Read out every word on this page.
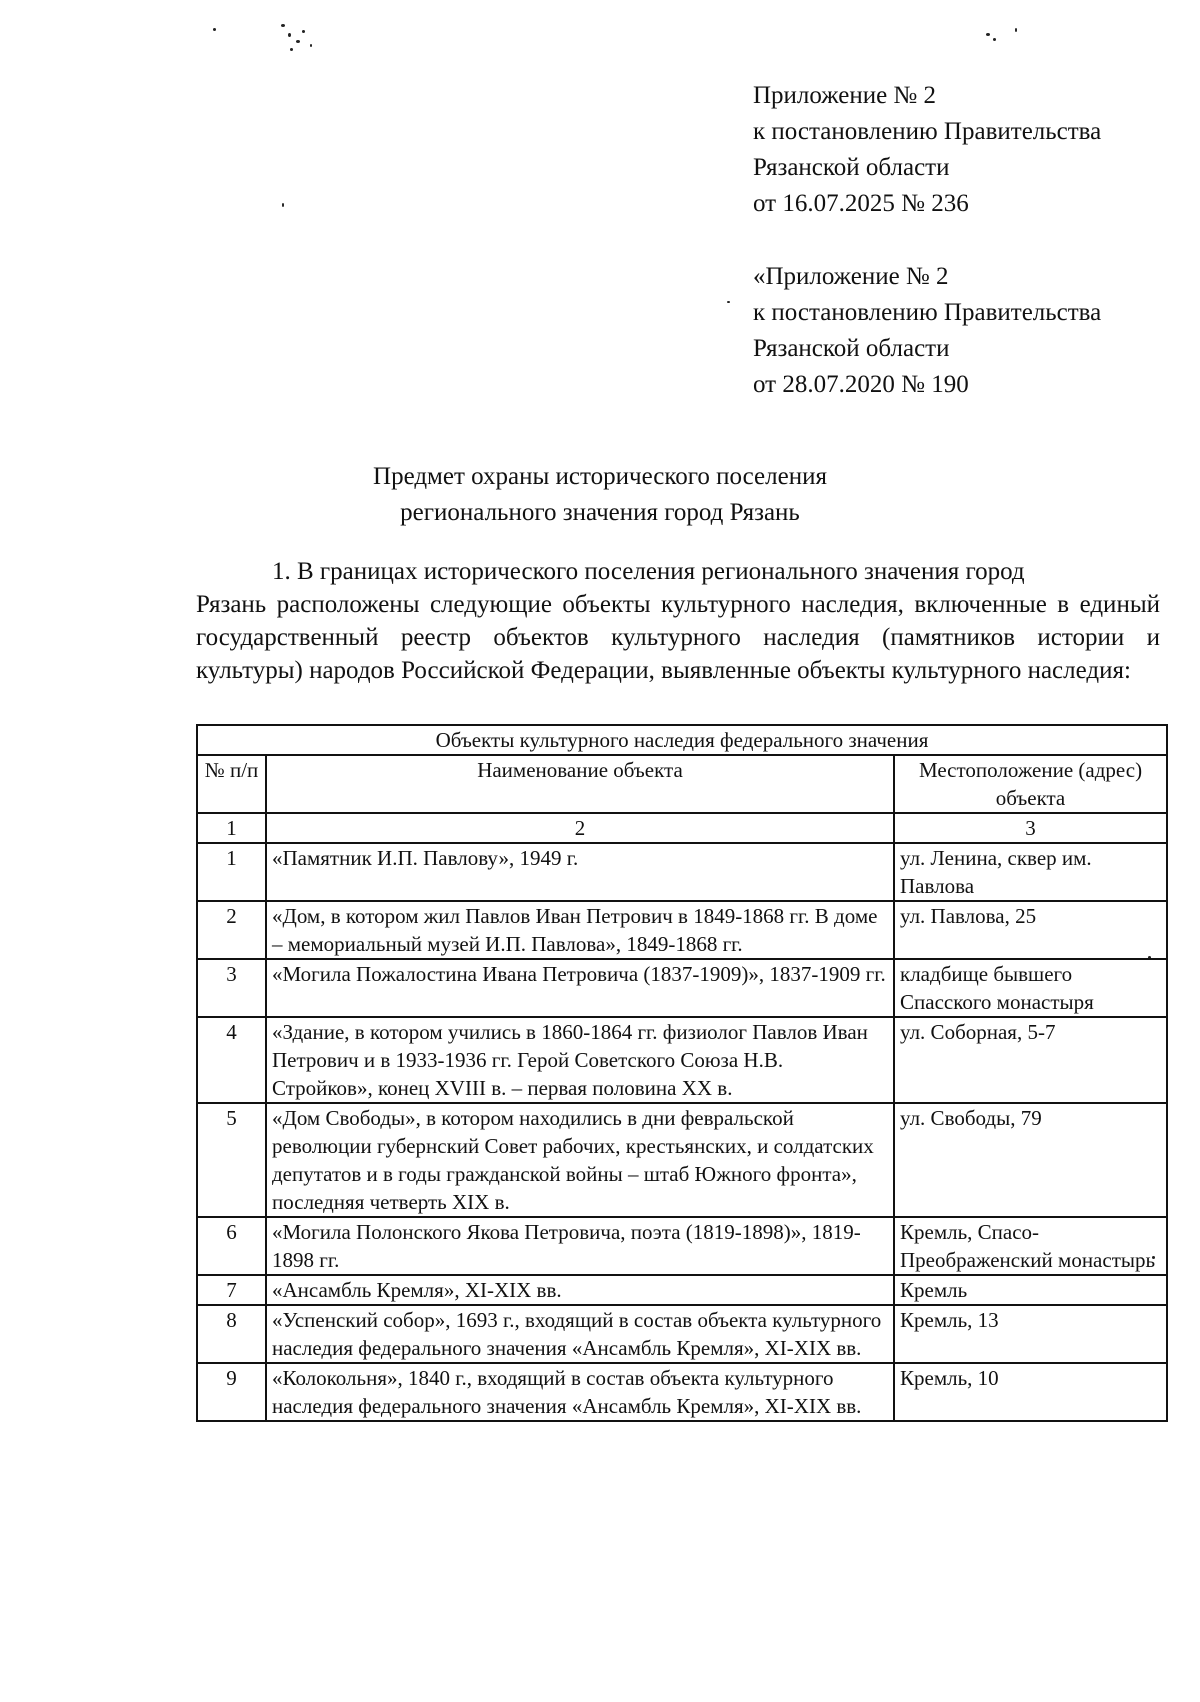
Приложение № 2
к постановлению Правительства
Рязанской области
от 16.07.2025 № 236
«Приложение № 2
к постановлению Правительства
Рязанской области
от 28.07.2020 № 190
Предмет охраны исторического поселения
регионального значения город Рязань
1. В границах исторического поселения регионального значения город
Рязань расположены следующие объекты культурного наследия, включенные в единый государственный реестр объектов культурного наследия (памятников истории и культуры) народов Российской Федерации, выявленные объекты культурного наследия:
Объекты культурного наследия федерального значения		
№ п/п	Наименование объекта	Местоположение (адрес) объекта
1	2	3
1	«Памятник И.П. Павлову», 1949 г.	ул. Ленина, сквер им. Павлова
2	«Дом, в котором жил Павлов Иван Петрович в 1849-1868 гг. В доме – мемориальный музей И.П. Павлова», 1849-1868 гг.	ул. Павлова, 25
3	«Могила Пожалостина Ивана Петровича (1837-1909)», 1837-1909 гг.	кладбище бывшего Спасского монастыря
4	«Здание, в котором учились в 1860-1864 гг. физиолог Павлов Иван Петрович и в 1933-1936 гг. Герой Советского Союза Н.В. Стройков», конец XVIII в. – первая половина XX в.	ул. Соборная, 5-7
5	«Дом Свободы», в котором находились в дни февральской революции губернский Совет рабочих, крестьянских, и солдатских депутатов и в годы гражданской войны – штаб Южного фронта», последняя четверть XIX в.	ул. Свободы, 79
6	«Могила Полонского Якова Петровича, поэта (1819-1898)», 1819-1898 гг.	Кремль, Спасо-Преображенский монастырь
7	«Ансамбль Кремля», XI-XIX вв.	Кремль
8	«Успенский собор», 1693 г., входящий в состав объекта культурного наследия федерального значения «Ансамбль Кремля», XI-XIX вв.	Кремль, 13
9	«Колокольня», 1840 г., входящий в состав объекта культурного наследия федерального значения «Ансамбль Кремля», XI-XIX вв.	Кремль, 10
